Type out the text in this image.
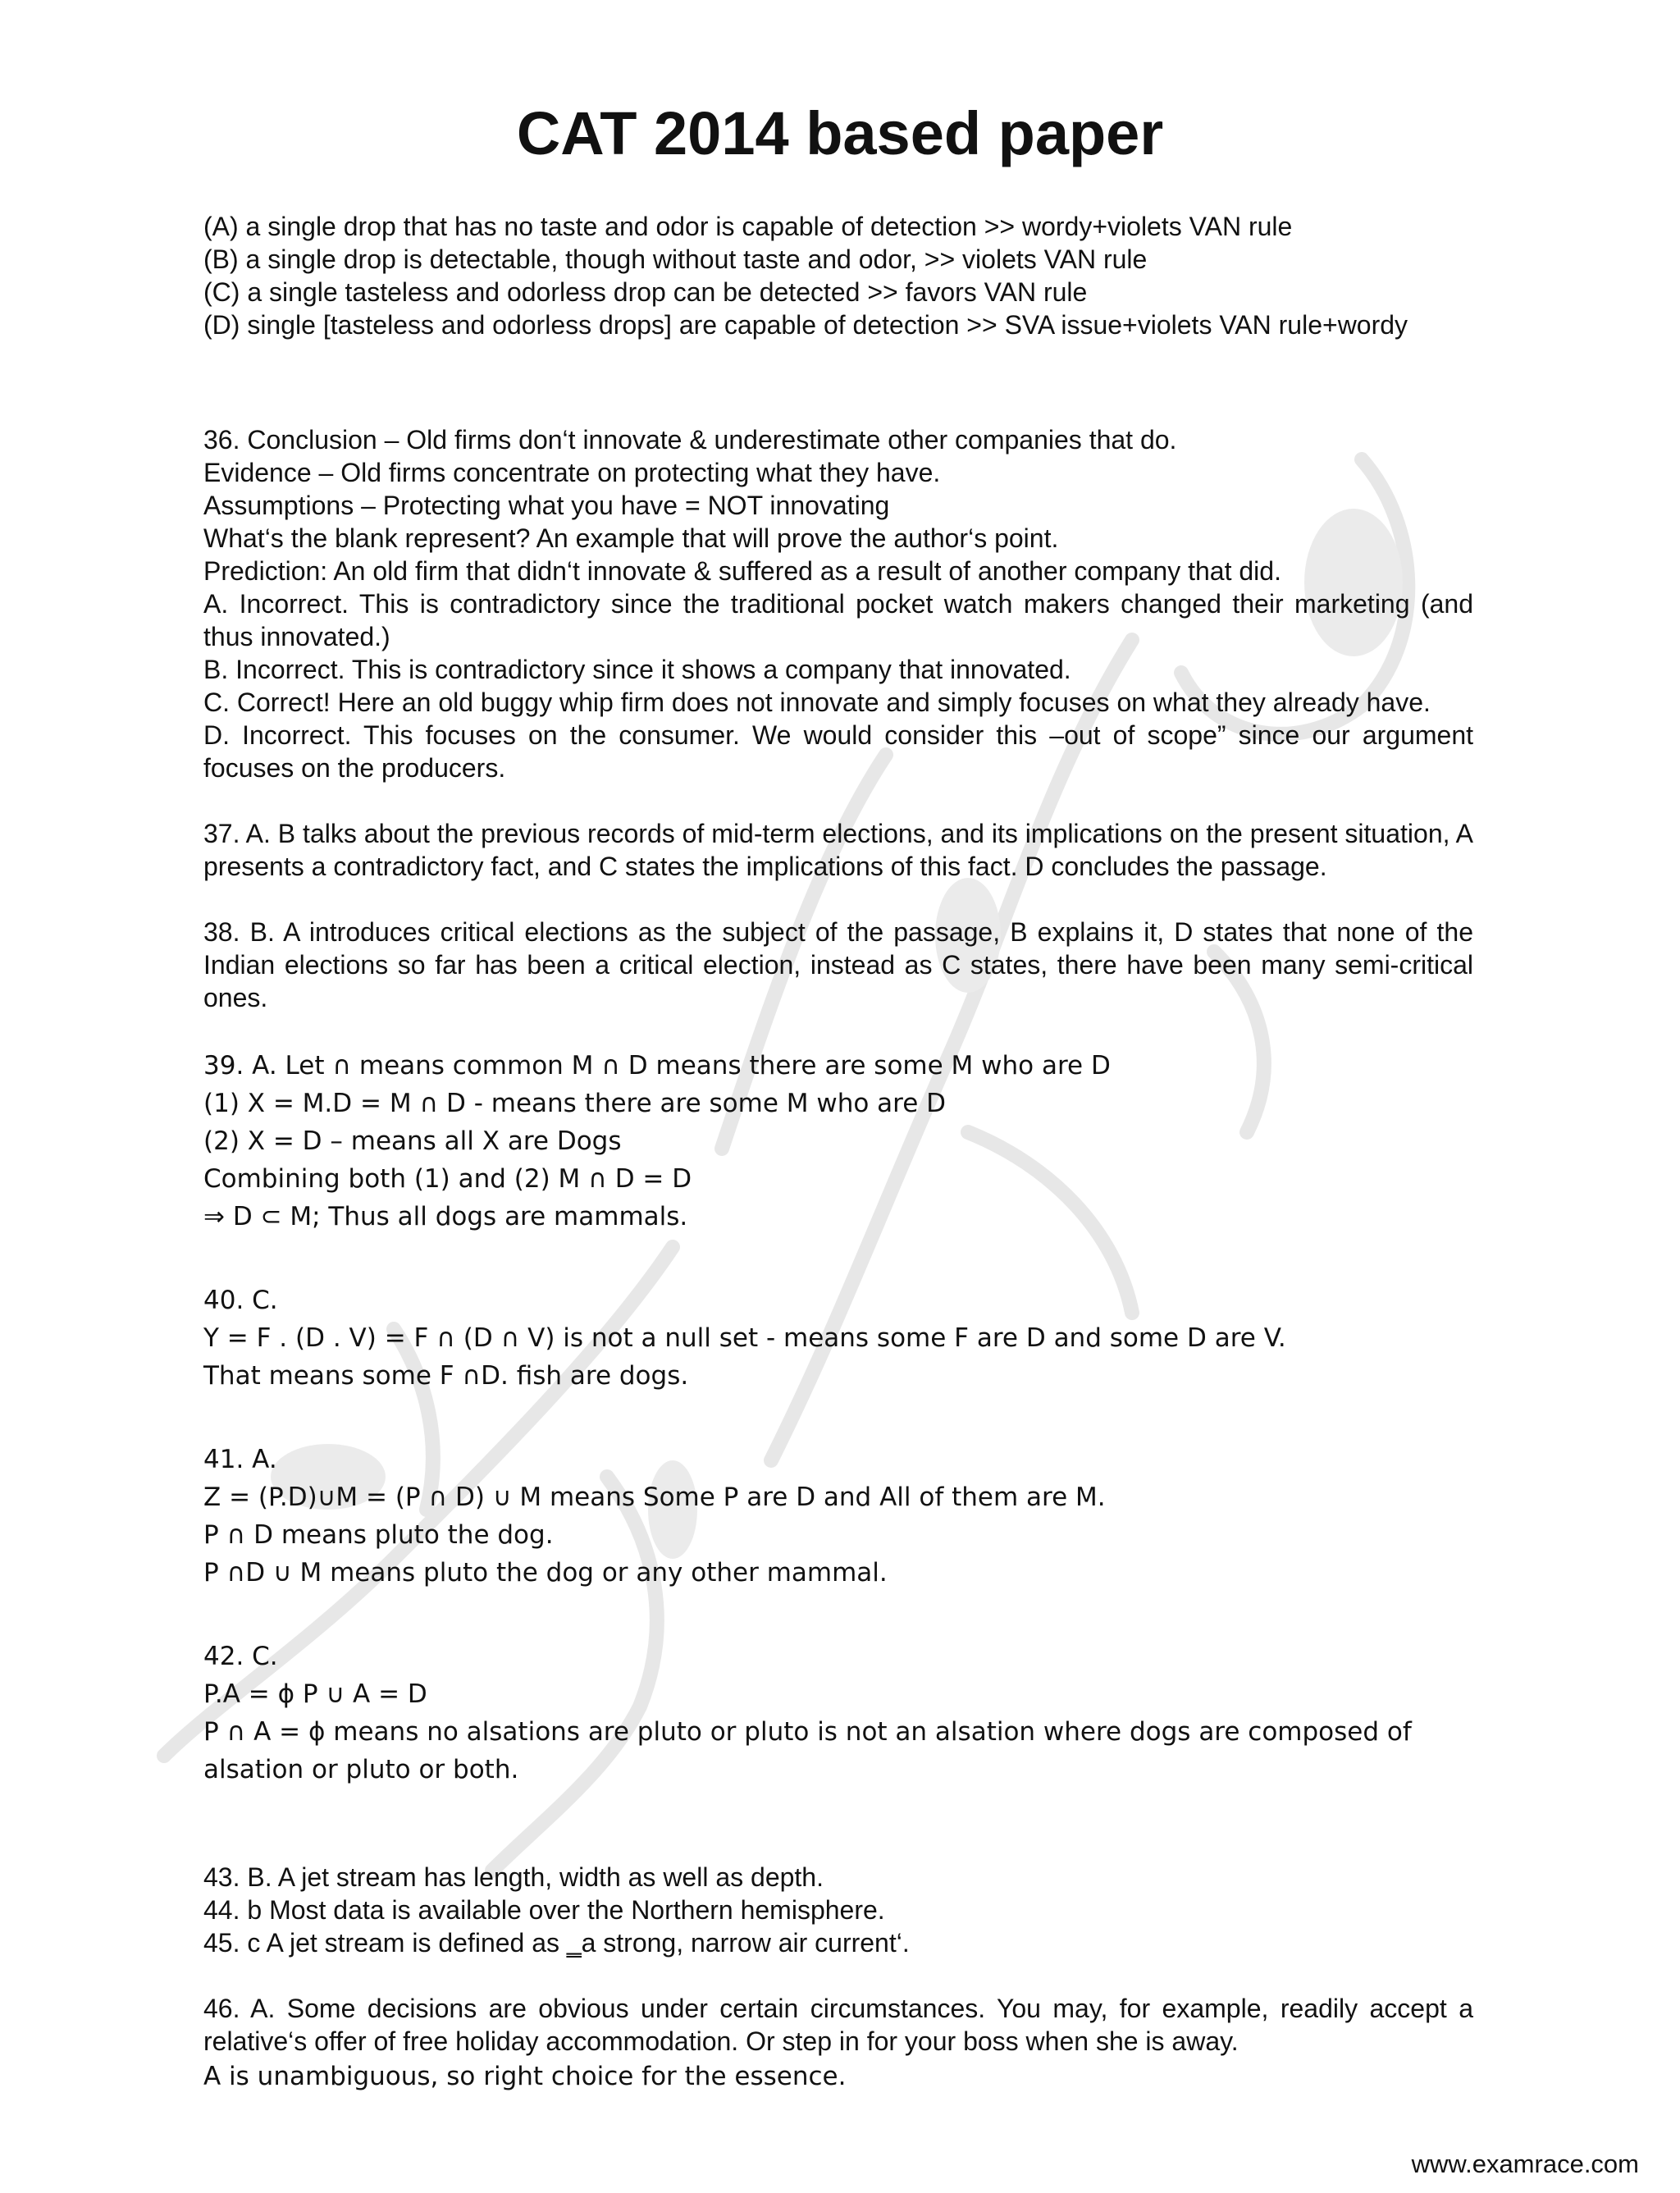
CAT 2014 based paper
(A) a single drop that has no taste and odor is capable of detection >> wordy+violets VAN rule
(B) a single drop is detectable, though without taste and odor, >> violets VAN rule
(C) a single tasteless and odorless drop can be detected >> favors VAN rule
(D) single [tasteless and odorless drops] are capable of detection >> SVA issue+violets VAN rule+wordy
36. Conclusion – Old firms don‘t innovate & underestimate other companies that do.
Evidence – Old firms concentrate on protecting what they have.
Assumptions – Protecting what you have = NOT innovating
What‘s the blank represent? An example that will prove the author‘s point.
Prediction: An old firm that didn‘t innovate & suffered as a result of another company that did.
A. Incorrect. This is contradictory since the traditional pocket watch makers changed their marketing (and thus innovated.)
B. Incorrect. This is contradictory since it shows a company that innovated.
C. Correct! Here an old buggy whip firm does not innovate and simply focuses on what they already have.
D. Incorrect. This focuses on the consumer. We would consider this –out of scope” since our argument focuses on the producers.
37. A. B talks about the previous records of mid-term elections, and its implications on the present situation, A presents a contradictory fact, and C states the implications of this fact. D concludes the passage.
38. B. A introduces critical elections as the subject of the passage, B explains it, D states that none of the Indian elections so far has been a critical election, instead as C states, there have been many semi-critical ones.
39. A. Let ∩ means common M ∩ D means there are some M who are D
(1) X = M.D = M ∩ D - means there are some M who are D
(2) X = D – means all X are Dogs
Combining both (1) and (2) M ∩ D = D
⇒ D ⊂ M; Thus all dogs are mammals.
40. C.
Y = F . (D . V) = F ∩ (D ∩ V) is not a null set - means some F are D and some D are V.
That means some F ∩D. fish are dogs.
41. A.
Z = (P.D)∪M = (P ∩ D) ∪ M means Some P are D and All of them are M.
P ∩ D means pluto the dog.
P ∩D ∪ M means pluto the dog or any other mammal.
42. C.
P.A = ɸ P ∪ A = D
P ∩ A = ɸ means no alsations are pluto or pluto is not an alsation where dogs are composed of alsation or pluto or both.
43. B. A jet stream has length, width as well as depth.
44. b Most data is available over the Northern hemisphere.
45. c A jet stream is defined as ‗a strong, narrow air current‘.
46. A. Some decisions are obvious under certain circumstances. You may, for example, readily accept a relative‘s offer of free holiday accommodation. Or step in for your boss when she is away.
A is unambiguous, so right choice for the essence.
www.examrace.com
